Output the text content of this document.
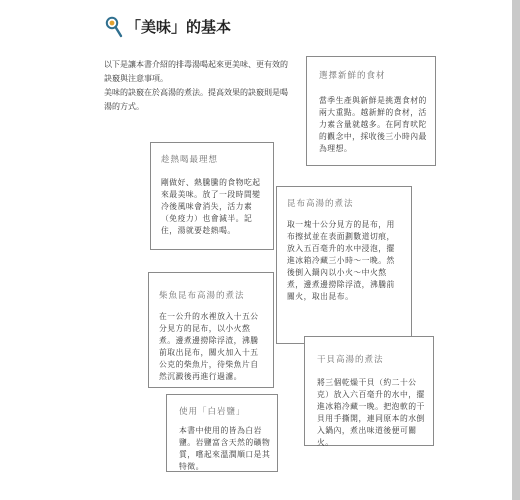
「美味」的基本

以下是讓本書介紹的排毒湯喝起來更美味、更有效的訣竅與注意事項。

美味的訣竅在於高湯的煮法。提高效果的訣竅則是喝湯的方式。

選擇新鮮的食材
當季生產與新鮮是挑選食材的兩大重點。越新鮮的食材，活力素含量就越多。在阿育吠陀的觀念中，採收後三小時內最為理想。
趁熱喝最理想
剛做好、熱騰騰的食物吃起來最美味。放了一段時間變冷後風味會消失，活力素（免疫力）也會減半。記住，湯就要趁熱喝。
昆布高湯的煮法
取一塊十公分見方的昆布，用布擦拭並在表面劃數道切痕，放入五百毫升的水中浸泡，擺進冰箱冷藏三小時～一晚。然後倒入鍋內以小火～中火熬煮，邊煮邊撈除浮渣，沸騰前關火，取出昆布。
柴魚昆布高湯的煮法
在一公升的水裡放入十五公分見方的昆布，以小火熬煮。邊煮邊撈除浮渣，沸騰前取出昆布，關火加入十五公克的柴魚片，待柴魚片自然沉澱後再進行過濾。
干貝高湯的煮法
將三個乾燥干貝（約二十公克）放入六百毫升的水中，擺進冰箱冷藏一晚。把泡軟的干貝用手撕開，連同原本的水倒入鍋內，煮出味道後便可關火。
使用「白岩鹽」
本書中使用的皆為白岩鹽。岩鹽富含天然的礦物質，嚐起來溫潤順口是其特徵。
